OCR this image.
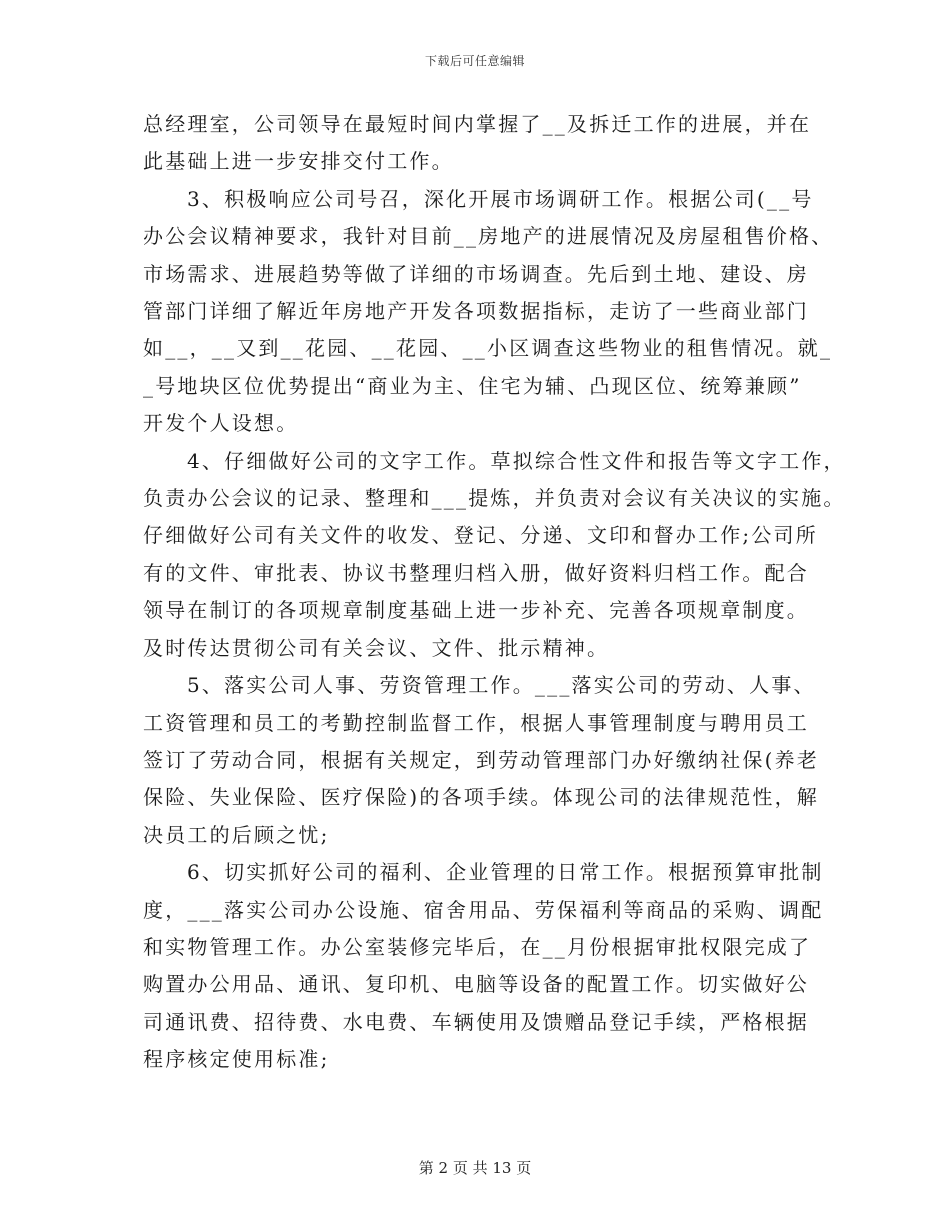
下载后可任意编辑

总经理室，公司领导在最短时间内掌握了__及拆迁工作的进展，并在
此基础上进一步安排交付工作。

3、积极响应公司号召，深化开展市场调研工作。根据公司(__号
办公会议精神要求，我针对目前__房地产的进展情况及房屋租售价格、
市场需求、进展趋势等做了详细的市场调查。先后到土地、建设、房
管部门详细了解近年房地产开发各项数据指标，走访了一些商业部门
如__，__又到__花园、__花园、__小区调查这些物业的租售情况。就_
_号地块区位优势提出“商业为主、住宅为辅、凸现区位、统筹兼顾”
开发个人设想。

4、仔细做好公司的文字工作。草拟综合性文件和报告等文字工作，
负责办公会议的记录、整理和___提炼，并负责对会议有关决议的实施。
仔细做好公司有关文件的收发、登记、分递、文印和督办工作;公司所
有的文件、审批表、协议书整理归档入册，做好资料归档工作。配合
领导在制订的各项规章制度基础上进一步补充、完善各项规章制度。
及时传达贯彻公司有关会议、文件、批示精神。

5、落实公司人事、劳资管理工作。___落实公司的劳动、人事、
工资管理和员工的考勤控制监督工作，根据人事管理制度与聘用员工
签订了劳动合同，根据有关规定，到劳动管理部门办好缴纳社保(养老
保险、失业保险、医疗保险)的各项手续。体现公司的法律规范性，解
决员工的后顾之忧;

6、切实抓好公司的福利、企业管理的日常工作。根据预算审批制
度，___落实公司办公设施、宿舍用品、劳保福利等商品的采购、调配
和实物管理工作。办公室装修完毕后，在__月份根据审批权限完成了
购置办公用品、通讯、复印机、电脑等设备的配置工作。切实做好公
司通讯费、招待费、水电费、车辆使用及馈赠品登记手续，严格根据
程序核定使用标准;

第 2 页 共 13 页
